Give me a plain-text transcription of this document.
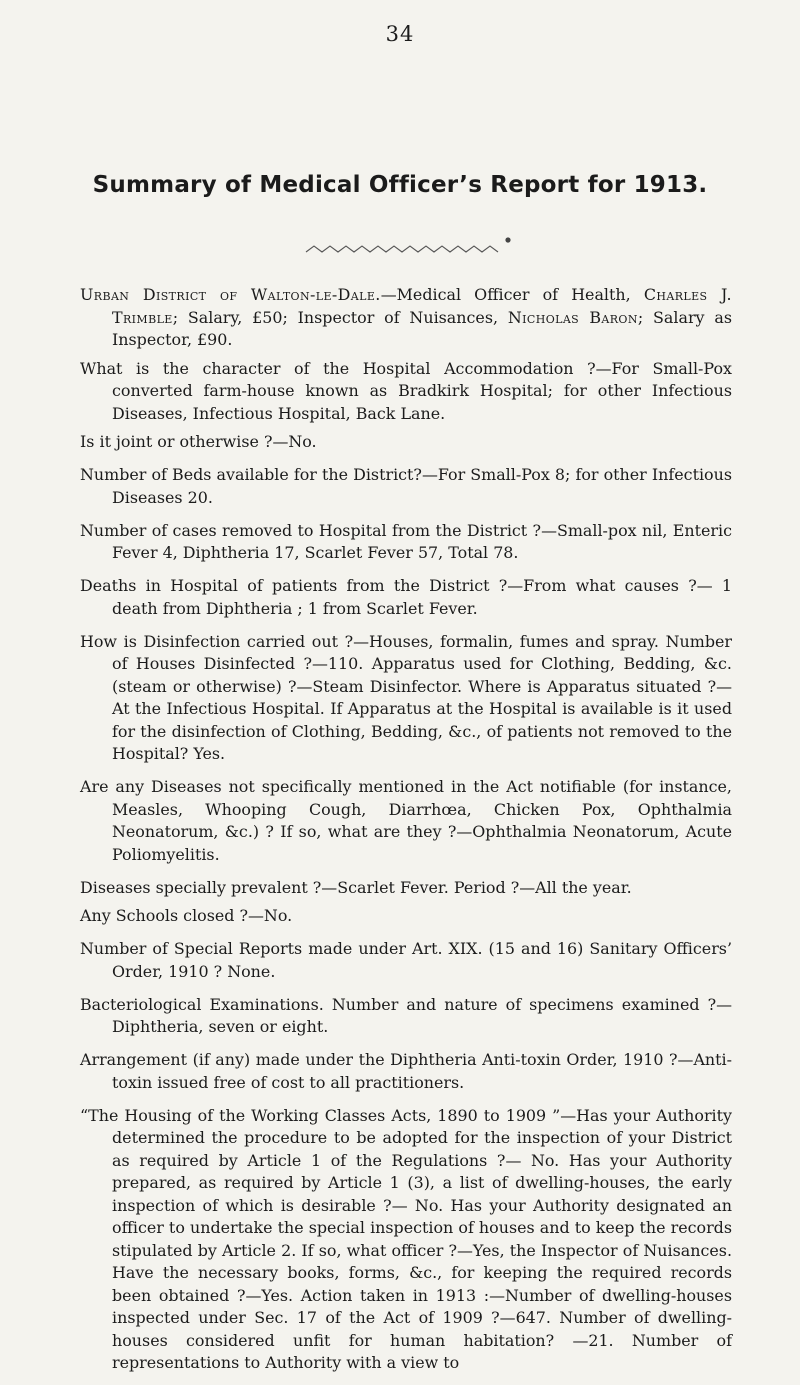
34
Summary of Medical Officer’s Report for 1913.

Urban District of Walton-le-Dale.—Medical Officer of Health, Charles J. Trimble; Salary, £50; Inspector of Nuisances, Nicholas Baron; Salary as Inspector, £90.

What is the character of the Hospital Accommodation ?—For Small-Pox converted farm-house known as Bradkirk Hospital; for other Infectious Diseases, Infectious Hospital, Back Lane.

Is it joint or otherwise ?—No.

Number of Beds available for the District?—For Small-Pox 8; for other Infectious Diseases 20.

Number of cases removed to Hospital from the District ?—Small-pox nil, Enteric Fever 4, Diphtheria 17, Scarlet Fever 57, Total 78.

Deaths in Hospital of patients from the District ?—From what causes ?— 1 death from Diphtheria ; 1 from Scarlet Fever.

How is Disinfection carried out ?—Houses, formalin, fumes and spray. Number of Houses Disinfected ?—110. Apparatus used for Clothing, Bedding, &c. (steam or otherwise) ?—Steam Disinfector. Where is Apparatus situated ?—At the Infectious Hospital. If Apparatus at the Hospital is available is it used for the disinfection of Clothing, Bedding, &c., of patients not removed to the Hospital? Yes.

Are any Diseases not specifically mentioned in the Act notifiable (for instance, Measles, Whooping Cough, Diarrhœa, Chicken Pox, Ophthalmia Neonatorum, &c.) ? If so, what are they ?—Ophthalmia Neonatorum, Acute Poliomyelitis.

Diseases specially prevalent ?—Scarlet Fever. Period ?—All the year.

Any Schools closed ?—No.

Number of Special Reports made under Art. XIX. (15 and 16) Sanitary Officers’ Order, 1910 ? None.

Bacteriological Examinations. Number and nature of specimens examined ?—Diphtheria, seven or eight.

Arrangement (if any) made under the Diphtheria Anti-toxin Order, 1910 ?—Anti-toxin issued free of cost to all practitioners.

“The Housing of the Working Classes Acts, 1890 to 1909 ”—Has your Authority determined the procedure to be adopted for the inspection of your District as required by Article 1 of the Regulations ?— No. Has your Authority prepared, as required by Article 1 (3), a list of dwelling-houses, the early inspection of which is desirable ?— No. Has your Authority designated an officer to undertake the special inspection of houses and to keep the records stipulated by Article 2. If so, what officer ?—Yes, the Inspector of Nuisances. Have the necessary books, forms, &c., for keeping the required records been obtained ?—Yes. Action taken in 1913 :—Number of dwelling-houses inspected under Sec. 17 of the Act of 1909 ?—647. Number of dwelling-houses considered unfit for human habitation? —21. Number of representations to Authority with a view to
